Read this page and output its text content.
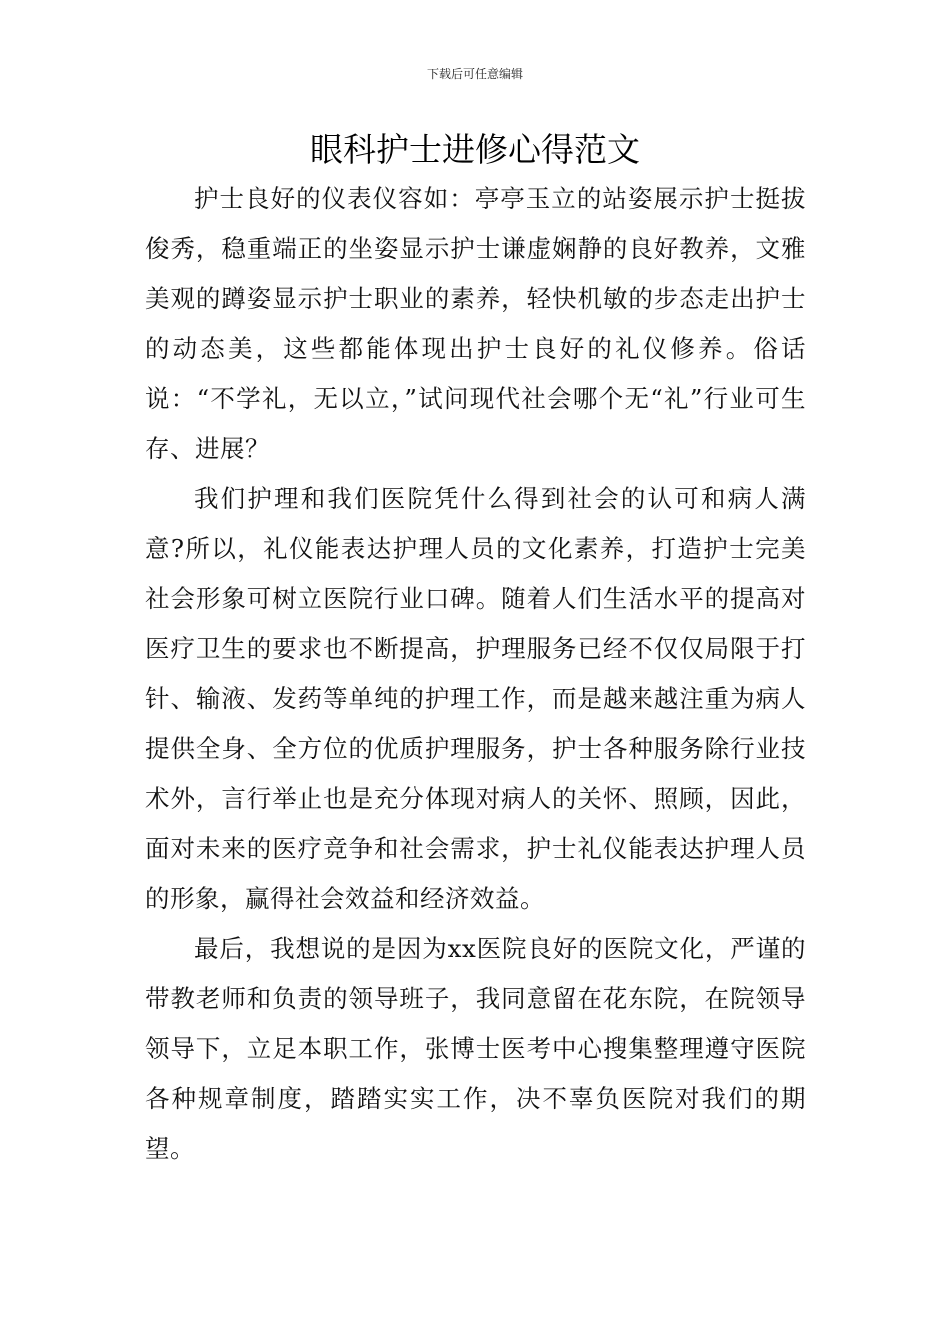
下载后可任意编辑
眼科护士进修心得范文

护士良好的仪表仪容如：亭亭玉立的站姿展示护士挺拔俊秀，稳重端正的坐姿显示护士谦虚娴静的良好教养，文雅美观的蹲姿显示护士职业的素养，轻快机敏的步态走出护士的动态美，这些都能体现出护士良好的礼仪修养。俗话说：“不学礼，无以立，”试问现代社会哪个无“礼”行业可生存、进展？

我们护理和我们医院凭什么得到社会的认可和病人满意?所以，礼仪能表达护理人员的文化素养，打造护士完美社会形象可树立医院行业口碑。随着人们生活水平的提高对医疗卫生的要求也不断提高，护理服务已经不仅仅局限于打针、输液、发药等单纯的护理工作，而是越来越注重为病人提供全身、全方位的优质护理服务，护士各种服务除行业技术外，言行举止也是充分体现对病人的关怀、照顾，因此，面对未来的医疗竞争和社会需求，护士礼仪能表达护理人员的形象，赢得社会效益和经济效益。

最后，我想说的是因为xx医院良好的医院文化，严谨的带教老师和负责的领导班子，我同意留在花东院，在院领导领导下，立足本职工作，张博士医考中心搜集整理遵守医院各种规章制度，踏踏实实工作，决不辜负医院对我们的期望。
